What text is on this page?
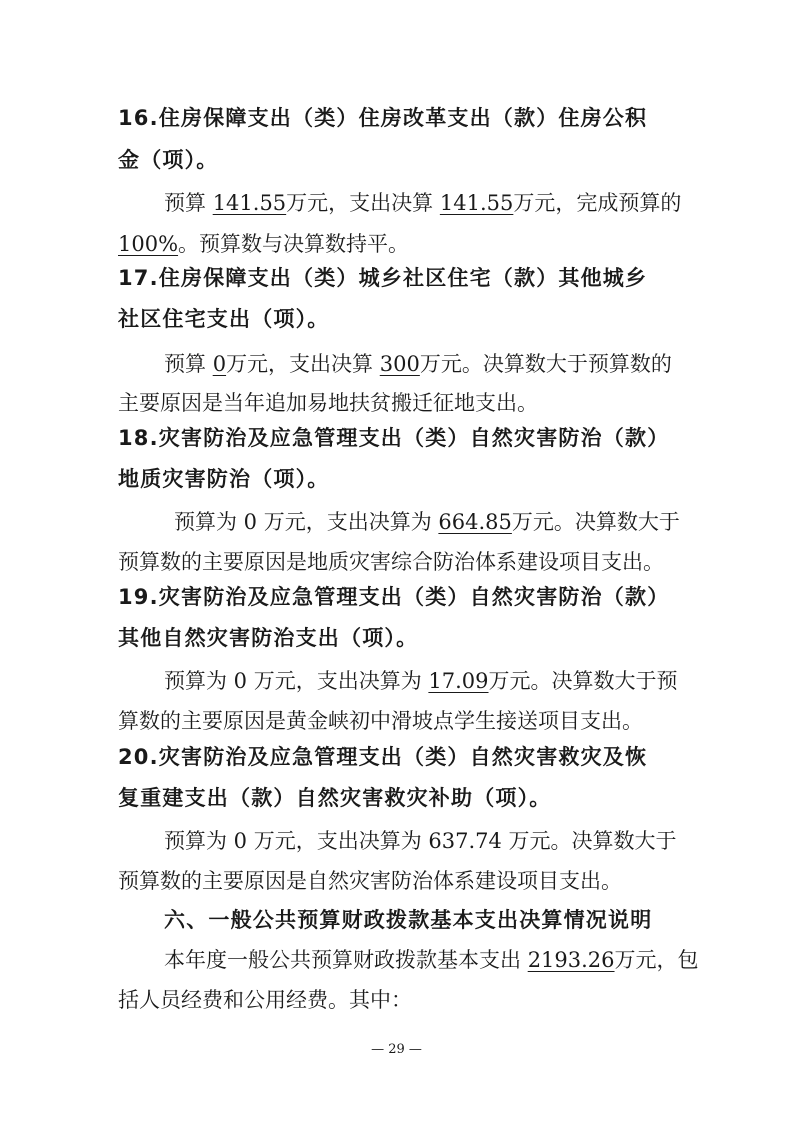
16.住房保障支出（类）住房改革支出（款）住房公积
金（项）。
预算 141.55万元，支出决算 141.55万元，完成预算的
100%。预算数与决算数持平。
17.住房保障支出（类）城乡社区住宅（款）其他城乡
社区住宅支出（项）。
预算 0万元，支出决算 300万元。决算数大于预算数的
主要原因是当年追加易地扶贫搬迁征地支出。
18.灾害防治及应急管理支出（类）自然灾害防治（款）
地质灾害防治（项）。
预算为 0 万元，支出决算为 664.85万元。决算数大于
预算数的主要原因是地质灾害综合防治体系建设项目支出。
19.灾害防治及应急管理支出（类）自然灾害防治（款）
其他自然灾害防治支出（项）。
预算为 0 万元，支出决算为 17.09万元。决算数大于预
算数的主要原因是黄金峡初中滑坡点学生接送项目支出。
20.灾害防治及应急管理支出（类）自然灾害救灾及恢
复重建支出（款）自然灾害救灾补助（项）。
预算为 0 万元，支出决算为 637.74 万元。决算数大于
预算数的主要原因是自然灾害防治体系建设项目支出。
六、一般公共预算财政拨款基本支出决算情况说明
本年度一般公共预算财政拨款基本支出 2193.26万元，包
括人员经费和公用经费。其中：
— 29 —
